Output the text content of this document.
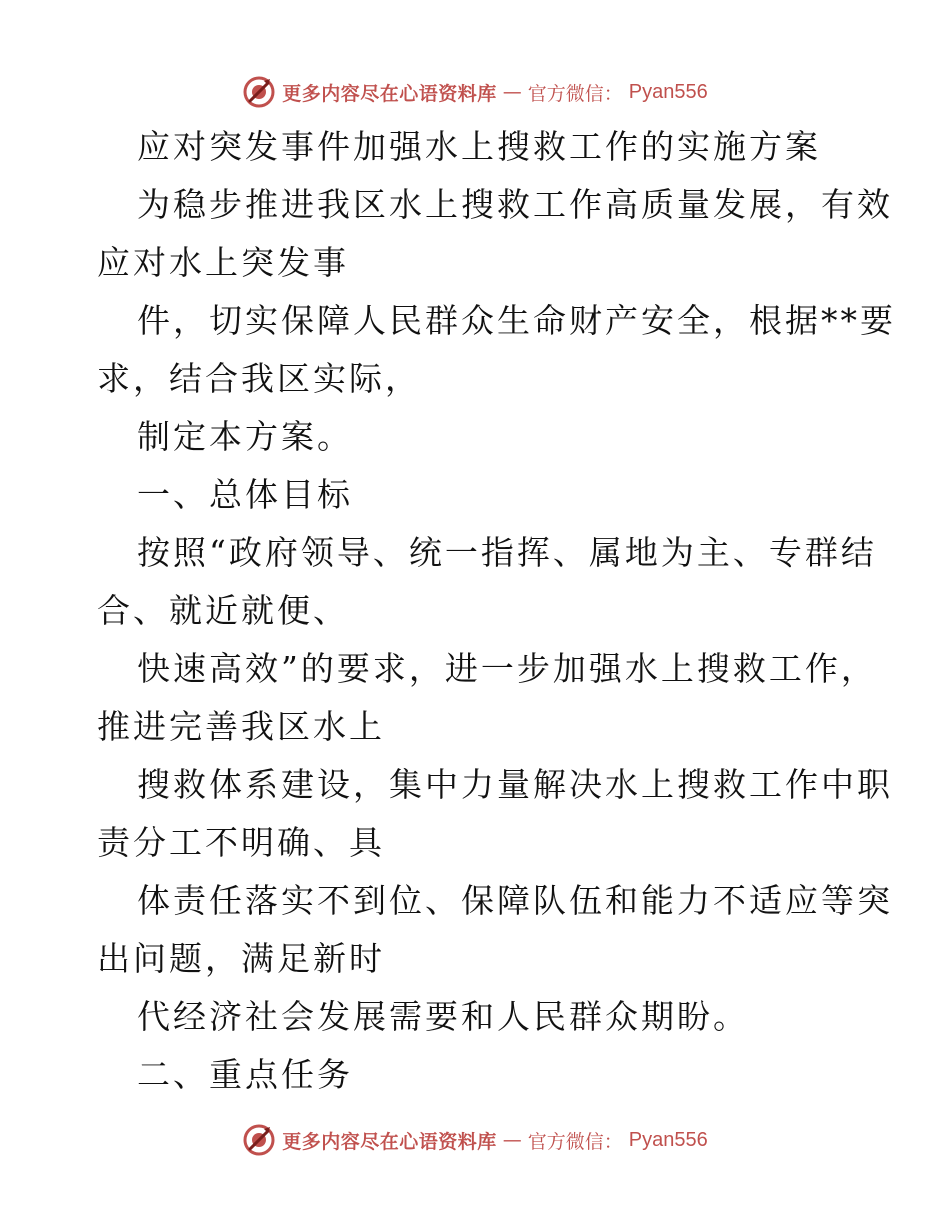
更多内容尽在心语资料库 — 官方微信： Pyan556
应对突发事件加强水上搜救工作的实施方案
为稳步推进我区水上搜救工作高质量发展，有效
应对水上突发事
件，切实保障人民群众生命财产安全，根据**要
求，结合我区实际，
制定本方案。
一、总体目标
按照“政府领导、统一指挥、属地为主、专群结
合、就近就便、
快速高效”的要求，进一步加强水上搜救工作，
推进完善我区水上
搜救体系建设，集中力量解决水上搜救工作中职
责分工不明确、具
体责任落实不到位、保障队伍和能力不适应等突
出问题，满足新时
代经济社会发展需要和人民群众期盼。
二、重点任务
更多内容尽在心语资料库 — 官方微信： Pyan556
